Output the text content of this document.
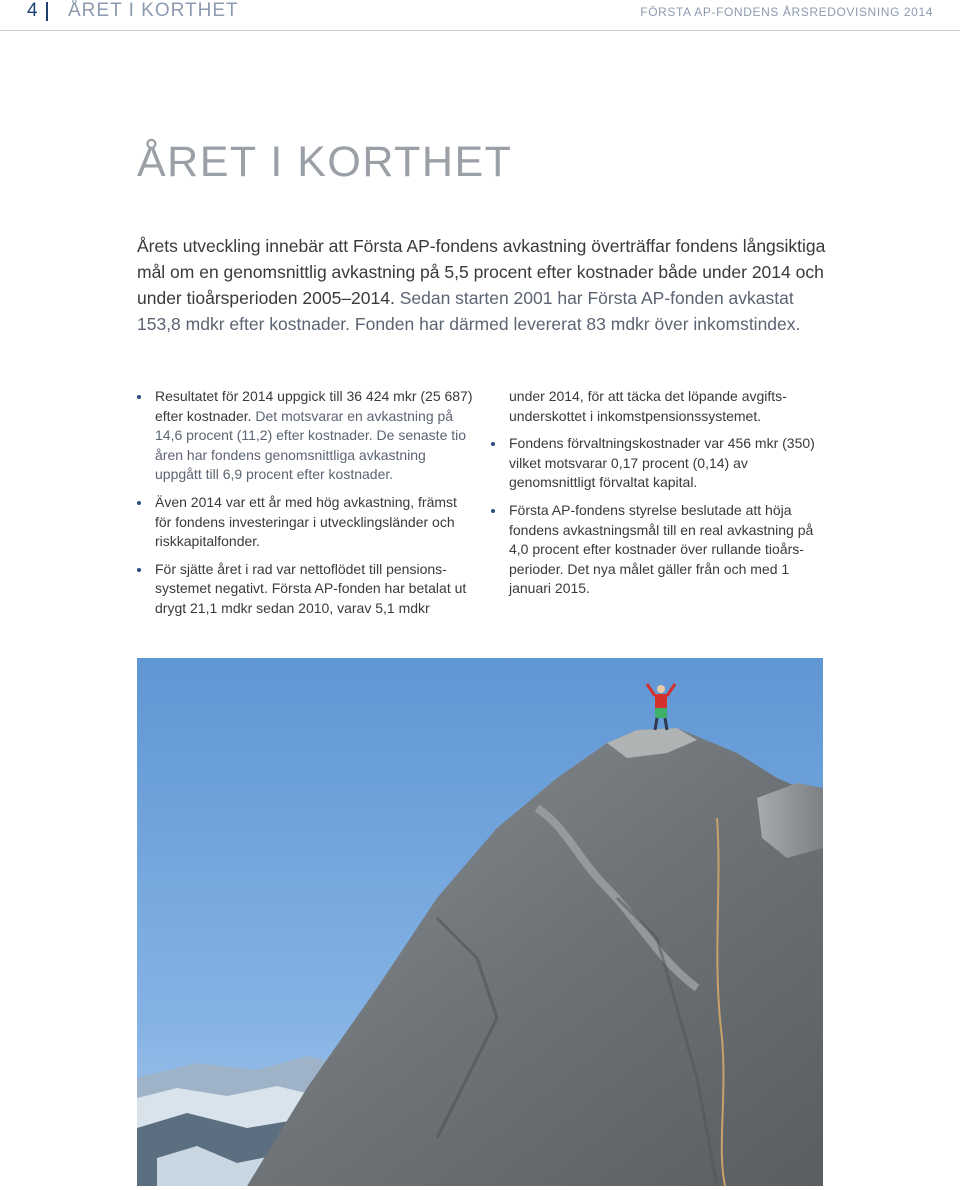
4 ÅRET I KORTHET	FÖRSTA AP-FONDENS ÅRSREDOVISNING 2014
ÅRET I KORTHET

Årets utveckling innebär att Första AP-fondens avkastning överträffar fondens långsiktiga mål om en genomsnittlig avkastning på 5,5 procent efter kostnader både under 2014 och under tioårsperioden 2005–2014. Sedan starten 2001 har Första AP-fonden avkastat 153,8 mdkr efter kostnader. Fonden har därmed levererat 83 mdkr över inkomstindex.

Resultatet för 2014 uppgick till 36 424 mkr (25 687) efter kostnader. Det motsvarar en avkastning på 14,6 procent (11,2) efter kostnader. De senaste tio åren har fondens genomsnittliga avkastning uppgått till 6,9 procent efter kostnader.
Även 2014 var ett år med hög avkastning, främst för fondens investeringar i utvecklingsländer och riskkapitalfonder.
För sjätte året i rad var nettoflödet till pensionssystemet negativt. Första AP-fonden har betalat ut drygt 21,1 mdkr sedan 2010, varav 5,1 mdkr
under 2014, för att täcka det löpande avgiftsunderskottet i inkomstpensionssystemet.
Fondens förvaltningskostnader var 456 mkr (350) vilket motsvarar 0,17 procent (0,14) av genomsnittligt förvaltat kapital.
Första AP-fondens styrelse beslutade att höja fondens avkastningsmål till en real avkastning på 4,0 procent efter kostnader över rullande tioårsperioder. Det nya målet gäller från och med 1 januari 2015.
